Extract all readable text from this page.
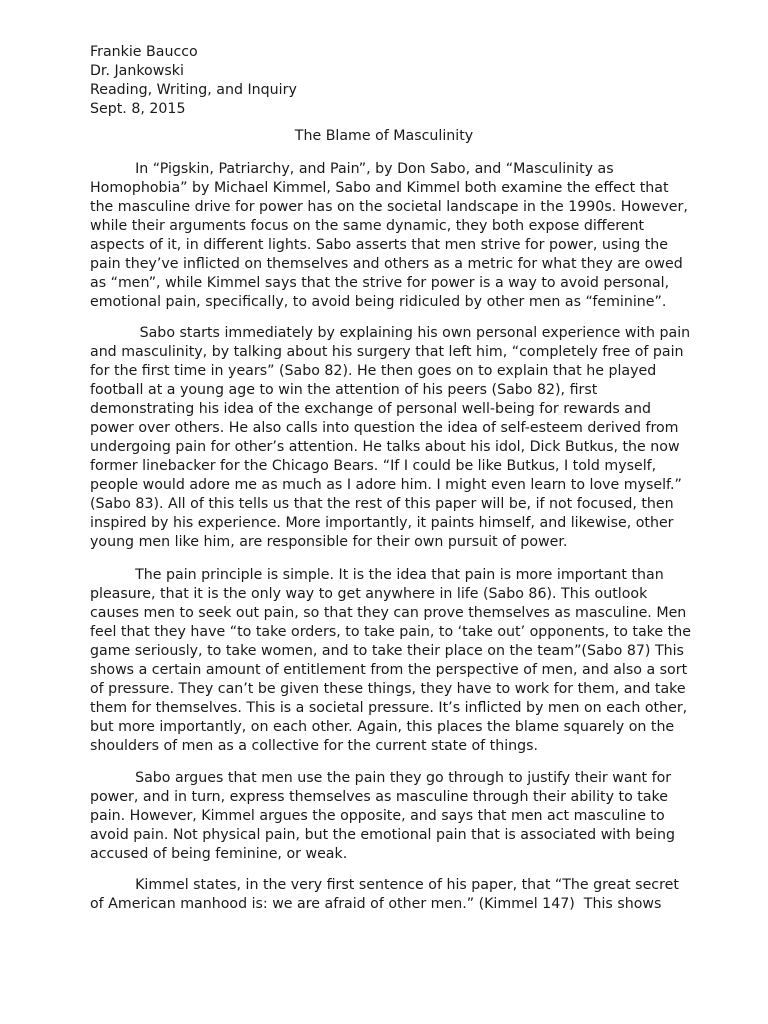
Frankie Baucco
Dr. Jankowski
Reading, Writing, and Inquiry
Sept. 8, 2015
The Blame of Masculinity
In “Pigskin, Patriarchy, and Pain”, by Don Sabo, and “Masculinity as
Homophobia” by Michael Kimmel, Sabo and Kimmel both examine the effect that
the masculine drive for power has on the societal landscape in the 1990s. However,
while their arguments focus on the same dynamic, they both expose different
aspects of it, in different lights. Sabo asserts that men strive for power, using the
pain they’ve inflicted on themselves and others as a metric for what they are owed
as “men”, while Kimmel says that the strive for power is a way to avoid personal,
emotional pain, specifically, to avoid being ridiculed by other men as “feminine”.
Sabo starts immediately by explaining his own personal experience with pain
and masculinity, by talking about his surgery that left him, “completely free of pain
for the first time in years” (Sabo 82). He then goes on to explain that he played
football at a young age to win the attention of his peers (Sabo 82), first
demonstrating his idea of the exchange of personal well-being for rewards and
power over others. He also calls into question the idea of self-esteem derived from
undergoing pain for other’s attention. He talks about his idol, Dick Butkus, the now
former linebacker for the Chicago Bears. “If I could be like Butkus, I told myself,
people would adore me as much as I adore him. I might even learn to love myself.”
(Sabo 83). All of this tells us that the rest of this paper will be, if not focused, then
inspired by his experience. More importantly, it paints himself, and likewise, other
young men like him, are responsible for their own pursuit of power.
The pain principle is simple. It is the idea that pain is more important than
pleasure, that it is the only way to get anywhere in life (Sabo 86). This outlook
causes men to seek out pain, so that they can prove themselves as masculine. Men
feel that they have “to take orders, to take pain, to ‘take out’ opponents, to take the
game seriously, to take women, and to take their place on the team”(Sabo 87) This
shows a certain amount of entitlement from the perspective of men, and also a sort
of pressure. They can’t be given these things, they have to work for them, and take
them for themselves. This is a societal pressure. It’s inflicted by men on each other,
but more importantly, on each other. Again, this places the blame squarely on the
shoulders of men as a collective for the current state of things.
Sabo argues that men use the pain they go through to justify their want for
power, and in turn, express themselves as masculine through their ability to take
pain. However, Kimmel argues the opposite, and says that men act masculine to
avoid pain. Not physical pain, but the emotional pain that is associated with being
accused of being feminine, or weak.
Kimmel states, in the very first sentence of his paper, that “The great secret
of American manhood is: we are afraid of other men.” (Kimmel 147)  This shows
